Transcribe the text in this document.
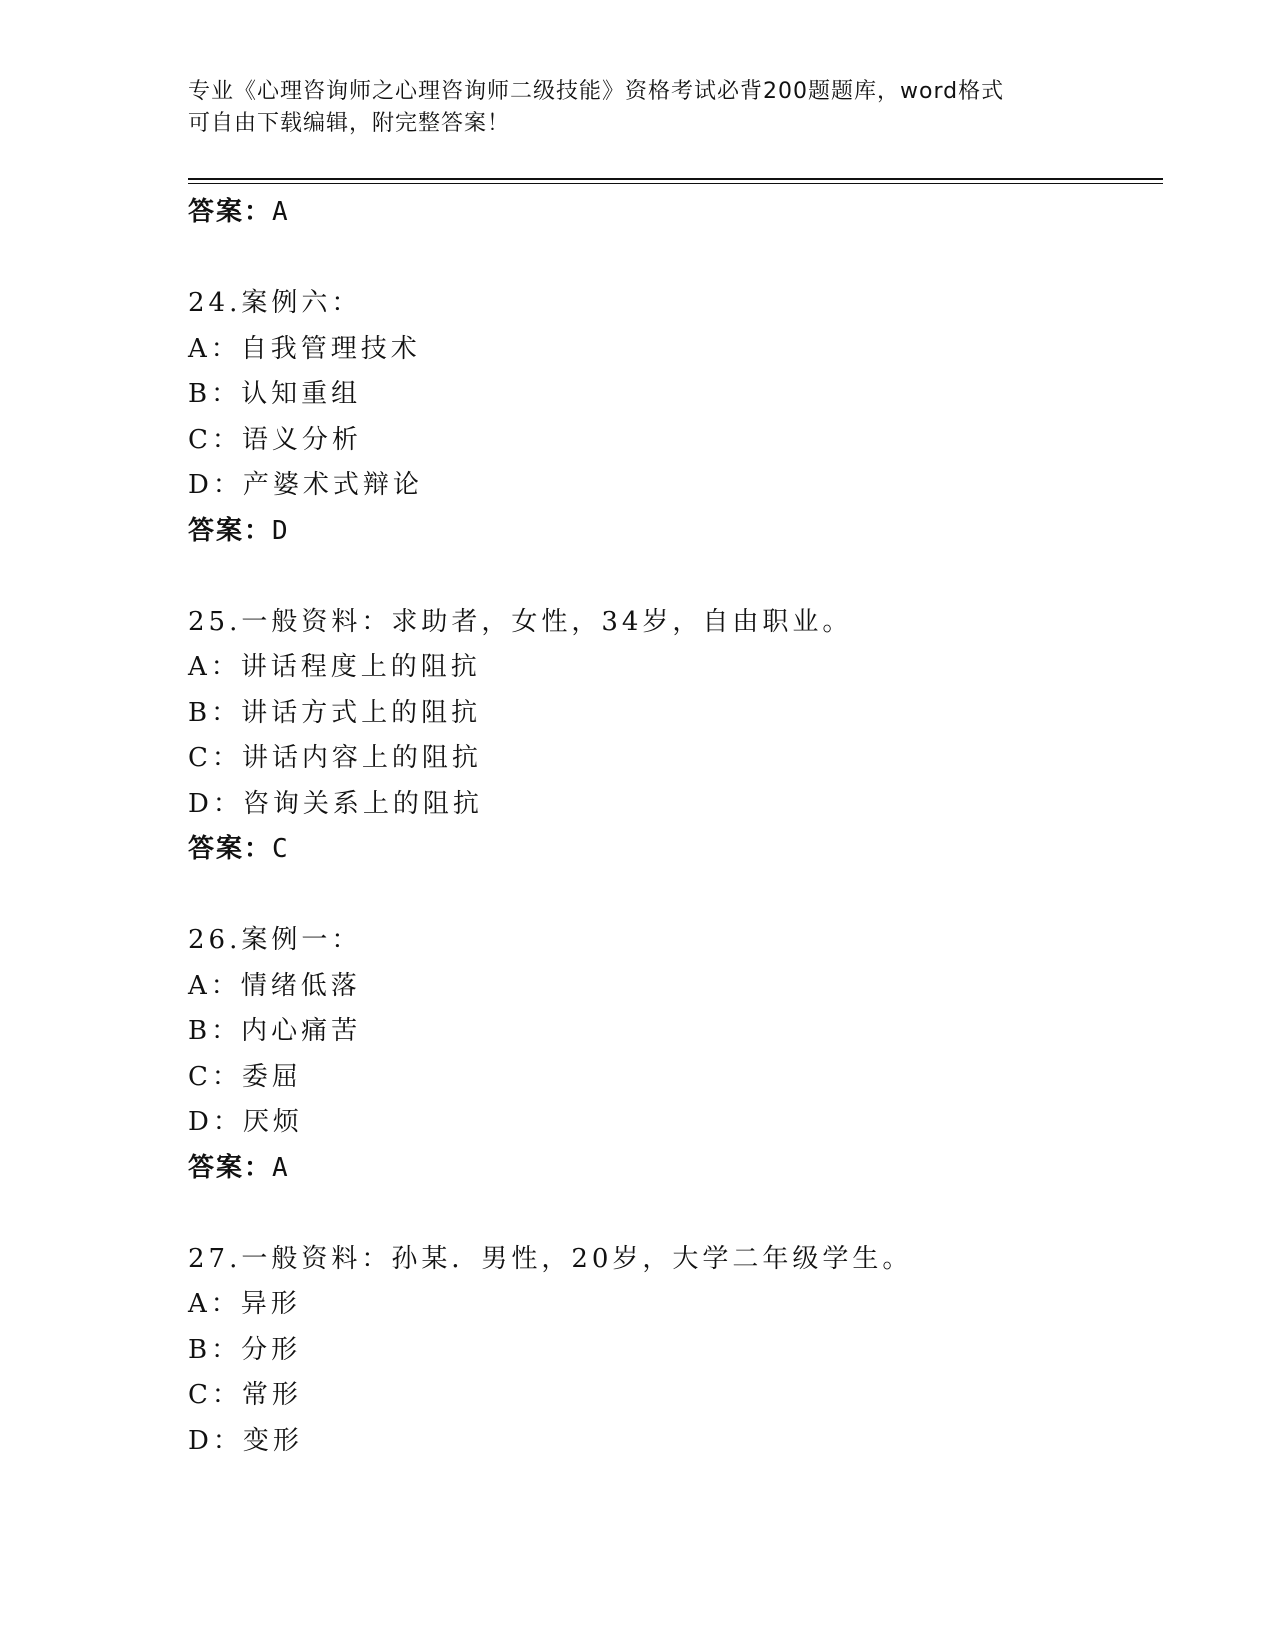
专业《心理咨询师之心理咨询师二级技能》资格考试必背200题题库，word格式
可自由下载编辑，附完整答案！
答案：A
24.案例六：
A：自我管理技术
B：认知重组
C：语义分析
D：产婆术式辩论
答案：D
25.一般资料：求助者，女性，34岁，自由职业。
A：讲话程度上的阻抗
B：讲话方式上的阻抗
C：讲话内容上的阻抗
D：咨询关系上的阻抗
答案：C
26.案例一：
A：情绪低落
B：内心痛苦
C：委屈
D：厌烦
答案：A
27.一般资料：孙某．男性，20岁，大学二年级学生。
A：异形
B：分形
C：常形
D：变形
